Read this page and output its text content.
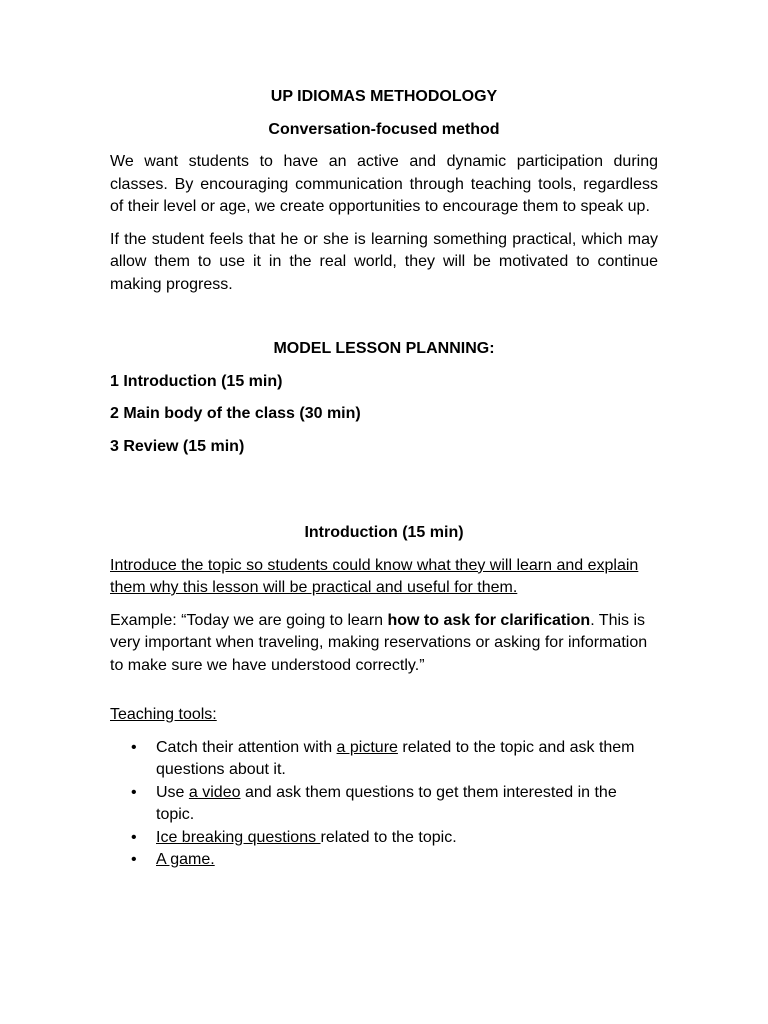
UP IDIOMAS METHODOLOGY
Conversation-focused method

We want students to have an active and dynamic participation during classes. By encouraging communication through teaching tools, regardless of their level or age, we create opportunities to encourage them to speak up.

If the student feels that he or she is learning something practical, which may allow them to use it in the real world, they will be motivated to continue making progress.

MODEL LESSON PLANNING:
1 Introduction (15 min)
2 Main body of the class (30 min)
3 Review (15 min)
Introduction (15 min)

Introduce the topic so students could know what they will learn and explain them why this lesson will be practical and useful for them.

Example: “Today we are going to learn how to ask for clarification. This is very important when traveling, making reservations or asking for information to make sure we have understood correctly.”

Teaching tools:

• Catch their attention with a picture related to the topic and ask them questions about it.
• Use a video and ask them questions to get them interested in the topic.
• Ice breaking questions related to the topic.
• A game.
